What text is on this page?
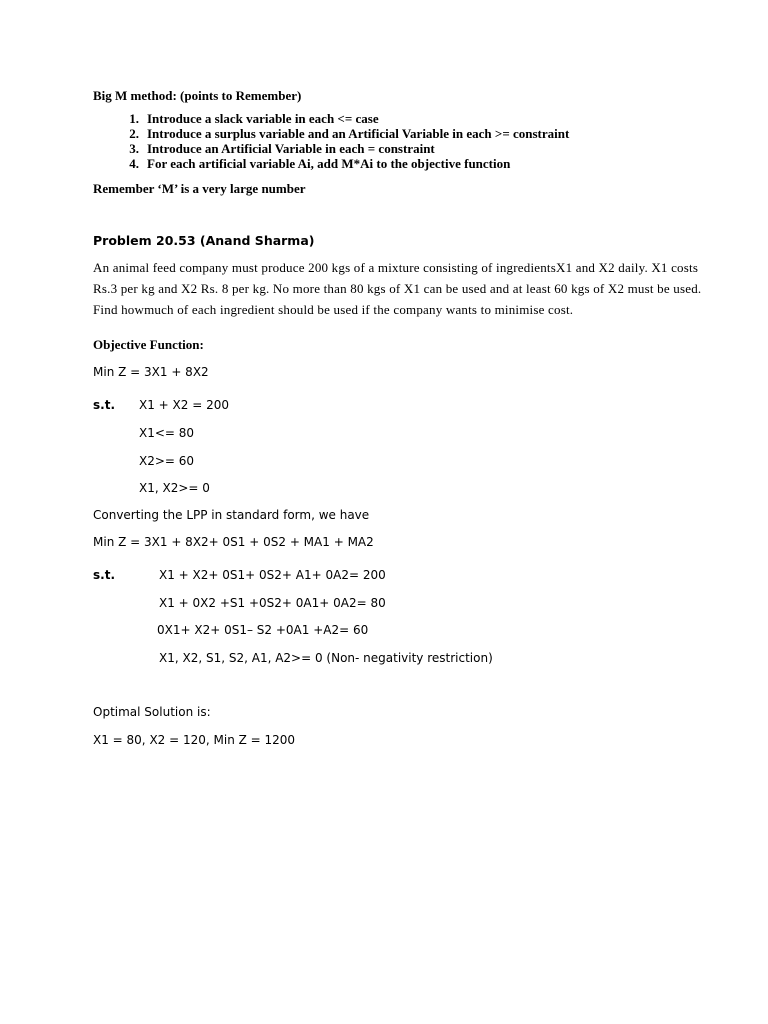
Big M method: (points to Remember)
1. Introduce a slack variable in each <= case
2. Introduce a surplus variable and an Artificial Variable in each >= constraint
3. Introduce an Artificial Variable in each = constraint
4. For each artificial variable Ai, add M*Ai to the objective function
Remember ‘M’ is a very large number
Problem 20.53 (Anand Sharma)
An animal feed company must produce 200 kgs of a mixture consisting of ingredientsX1 and X2 daily. X1 costs
Rs.3 per kg and X2 Rs. 8 per kg. No more than 80 kgs of X1 can be used and at least 60 kgs of X2 must be used.
Find howmuch of each ingredient should be used if the company wants to minimise cost.
Objective Function:
Min Z = 3X1 + 8X2
s.t. X1 + X2 = 200
X1<= 80
X2>= 60
X1, X2>= 0
Converting the LPP in standard form, we have
Min Z = 3X1 + 8X2+ 0S1 + 0S2 + MA1 + MA2
s.t.	X1 + X2+ 0S1+ 0S2+ A1+ 0A2= 200
X1 + 0X2 +S1 +0S2+ 0A1+ 0A2= 80
0X1+ X2+ 0S1– S2 +0A1 +A2= 60
X1, X2, S1, S2, A1, A2>= 0 (Non- negativity restriction)
Optimal Solution is:
X1 = 80, X2 = 120, Min Z = 1200
